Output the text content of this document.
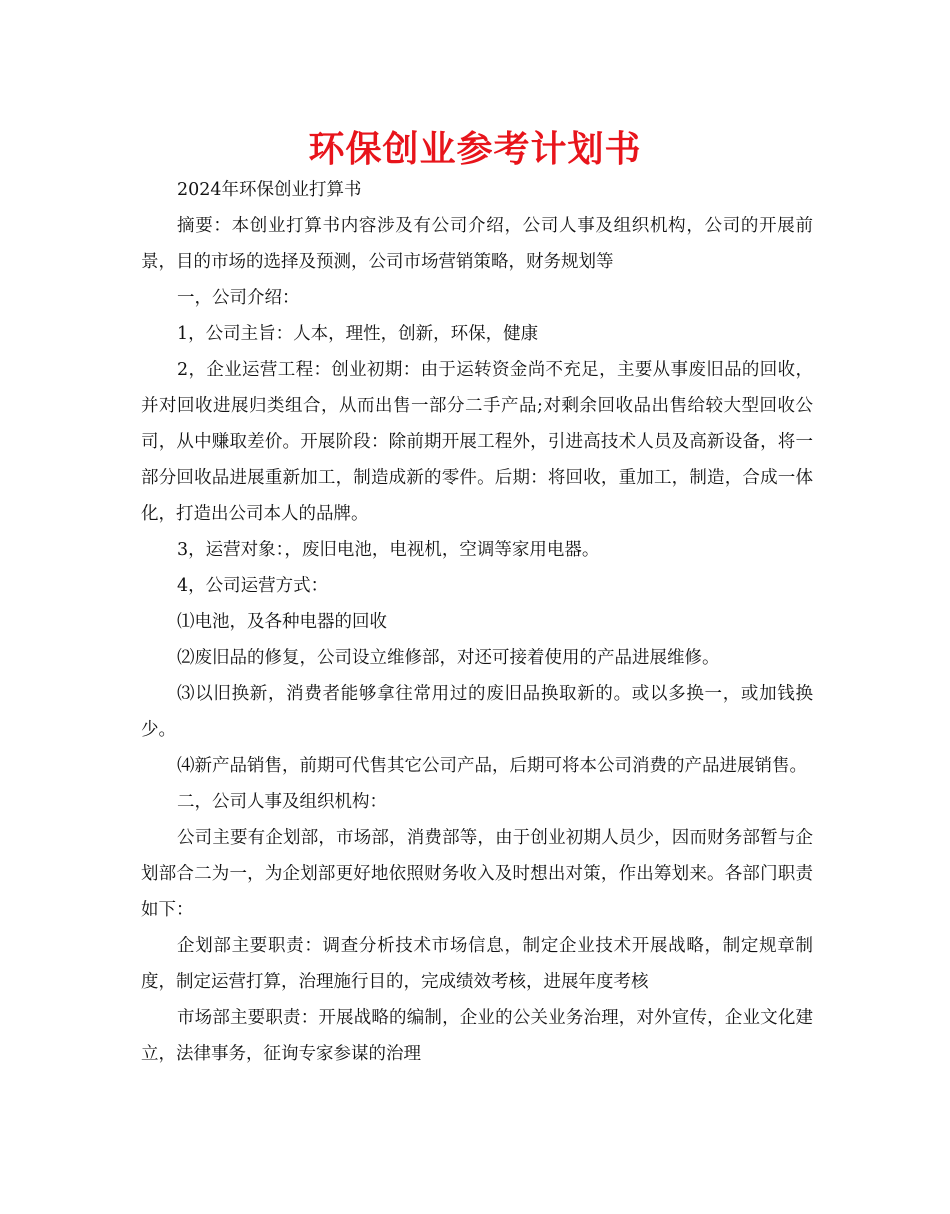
环保创业参考计划书

2024年环保创业打算书

摘要：本创业打算书内容涉及有公司介绍，公司人事及组织机构，公司的开展前景，目的市场的选择及预测，公司市场营销策略，财务规划等

一，公司介绍：

1，公司主旨：人本，理性，创新，环保，健康

2，企业运营工程：创业初期：由于运转资金尚不充足，主要从事废旧品的回收，并对回收进展归类组合，从而出售一部分二手产品;对剩余回收品出售给较大型回收公司，从中赚取差价。开展阶段：除前期开展工程外，引进高技术人员及高新设备，将一部分回收品进展重新加工，制造成新的零件。后期：将回收，重加工，制造，合成一体化，打造出公司本人的品牌。

3，运营对象：，废旧电池，电视机，空调等家用电器。

4，公司运营方式：

⑴电池，及各种电器的回收

⑵废旧品的修复，公司设立维修部，对还可接着使用的产品进展维修。

⑶以旧换新，消费者能够拿往常用过的废旧品换取新的。或以多换一，或加钱换少。

⑷新产品销售，前期可代售其它公司产品，后期可将本公司消费的产品进展销售。

二，公司人事及组织机构：

公司主要有企划部，市场部，消费部等，由于创业初期人员少，因而财务部暂与企划部合二为一，为企划部更好地依照财务收入及时想出对策，作出筹划来。各部门职责如下：

企划部主要职责：调查分析技术市场信息，制定企业技术开展战略，制定规章制度，制定运营打算，治理施行目的，完成绩效考核，进展年度考核

市场部主要职责：开展战略的编制，企业的公关业务治理，对外宣传，企业文化建立，法律事务，征询专家参谋的治理
